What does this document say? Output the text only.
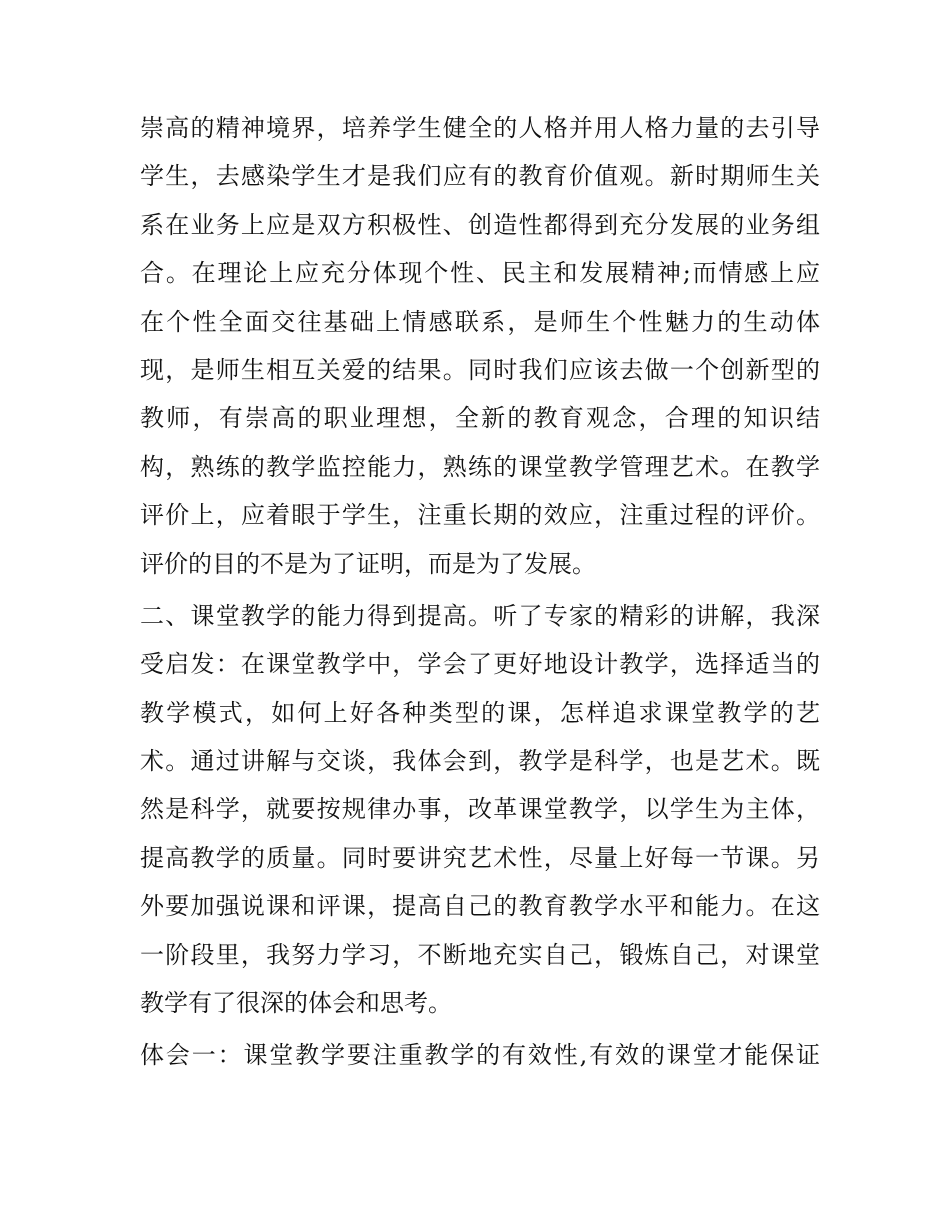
崇高的精神境界，培养学生健全的人格并用人格力量的去引导
学生，去感染学生才是我们应有的教育价值观。新时期师生关
系在业务上应是双方积极性、创造性都得到充分发展的业务组
合。在理论上应充分体现个性、民主和发展精神;而情感上应
在个性全面交往基础上情感联系，是师生个性魅力的生动体
现，是师生相互关爱的结果。同时我们应该去做一个创新型的
教师，有崇高的职业理想，全新的教育观念，合理的知识结
构，熟练的教学监控能力，熟练的课堂教学管理艺术。在教学
评价上，应着眼于学生，注重长期的效应，注重过程的评价。
评价的目的不是为了证明，而是为了发展。
二、课堂教学的能力得到提高。听了专家的精彩的讲解，我深
受启发：在课堂教学中，学会了更好地设计教学，选择适当的
教学模式，如何上好各种类型的课，怎样追求课堂教学的艺
术。通过讲解与交谈，我体会到，教学是科学，也是艺术。既
然是科学，就要按规律办事，改革课堂教学，以学生为主体，
提高教学的质量。同时要讲究艺术性，尽量上好每一节课。另
外要加强说课和评课，提高自己的教育教学水平和能力。在这
一阶段里，我努力学习，不断地充实自己，锻炼自己，对课堂
教学有了很深的体会和思考。
体会一：课堂教学要注重教学的有效性,有效的课堂才能保证
